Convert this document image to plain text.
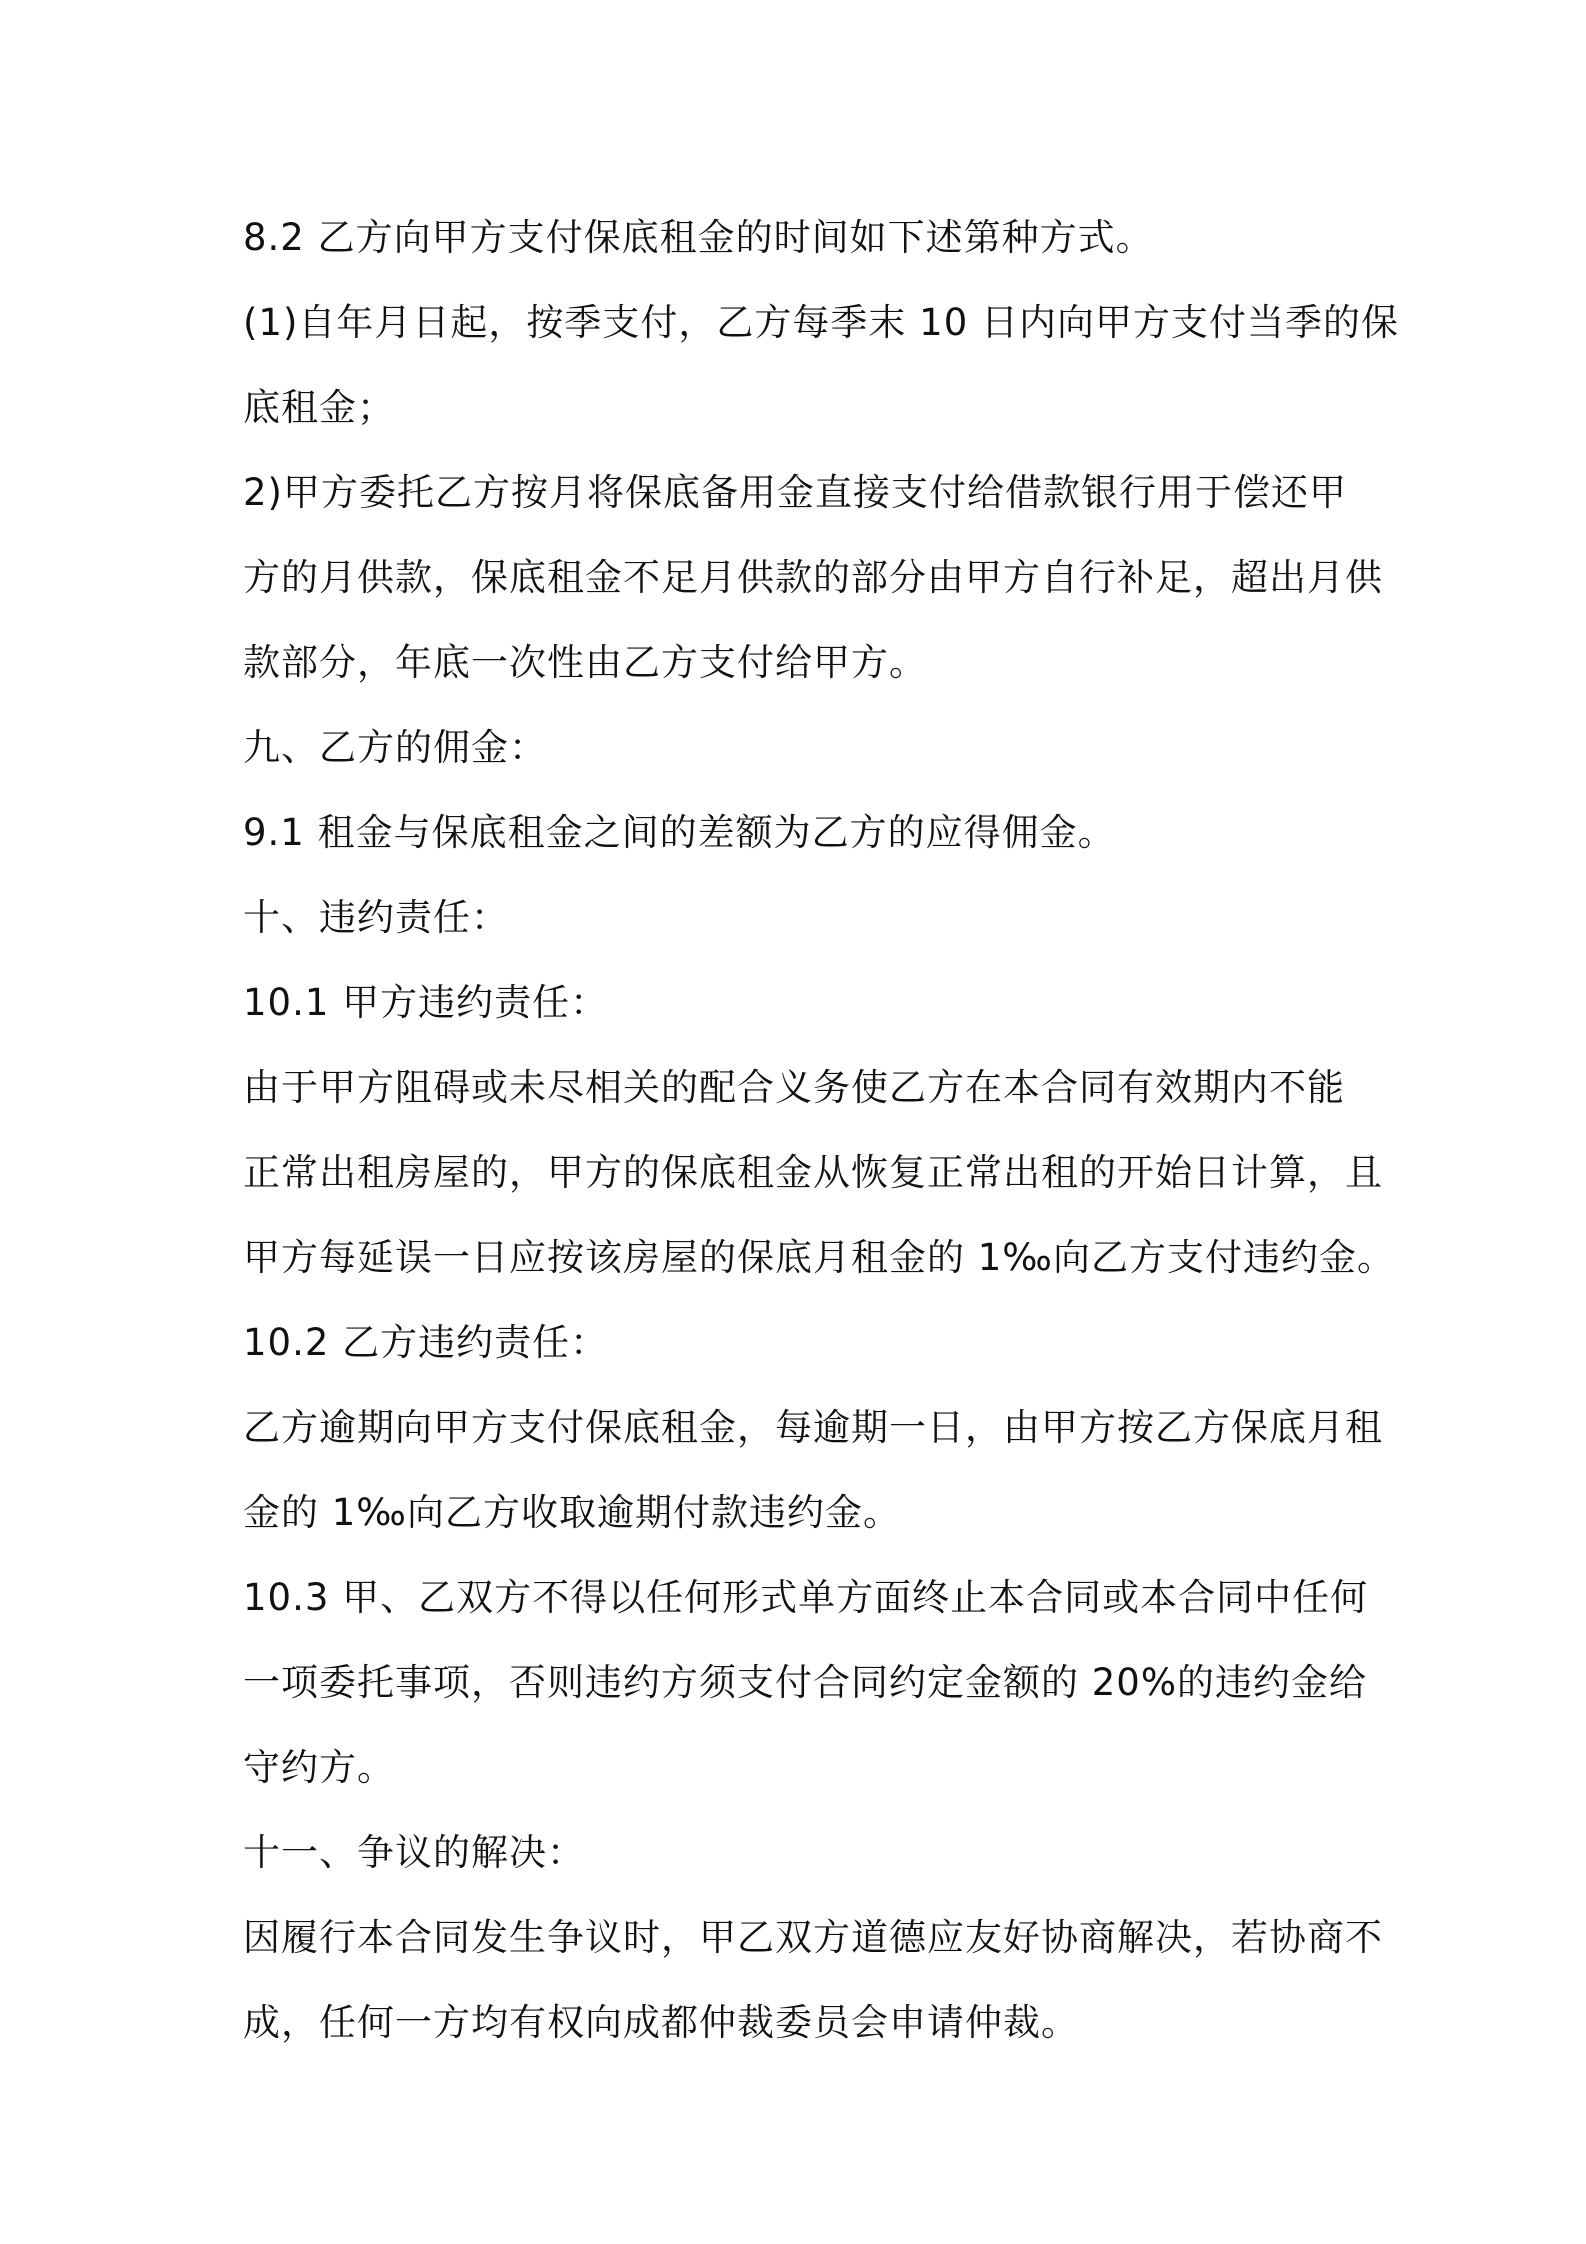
8.2 乙方向甲方支付保底租金的时间如下述第种方式。

(1)自年月日起，按季支付，乙方每季末 10 日内向甲方支付当季的保
底租金；

2)甲方委托乙方按月将保底备用金直接支付给借款银行用于偿还甲
方的月供款，保底租金不足月供款的部分由甲方自行补足，超出月供
款部分，年底一次性由乙方支付给甲方。

九、乙方的佣金：

9.1 租金与保底租金之间的差额为乙方的应得佣金。

十、违约责任：

10.1 甲方违约责任：

由于甲方阻碍或未尽相关的配合义务使乙方在本合同有效期内不能
正常出租房屋的，甲方的保底租金从恢复正常出租的开始日计算，且
甲方每延误一日应按该房屋的保底月租金的 1‰向乙方支付违约金。

10.2 乙方违约责任：

乙方逾期向甲方支付保底租金，每逾期一日，由甲方按乙方保底月租
金的 1‰向乙方收取逾期付款违约金。

10.3 甲、乙双方不得以任何形式单方面终止本合同或本合同中任何
一项委托事项，否则违约方须支付合同约定金额的 20%的违约金给
守约方。

十一、争议的解决：

因履行本合同发生争议时，甲乙双方道德应友好协商解决，若协商不
成，任何一方均有权向成都仲裁委员会申请仲裁。
